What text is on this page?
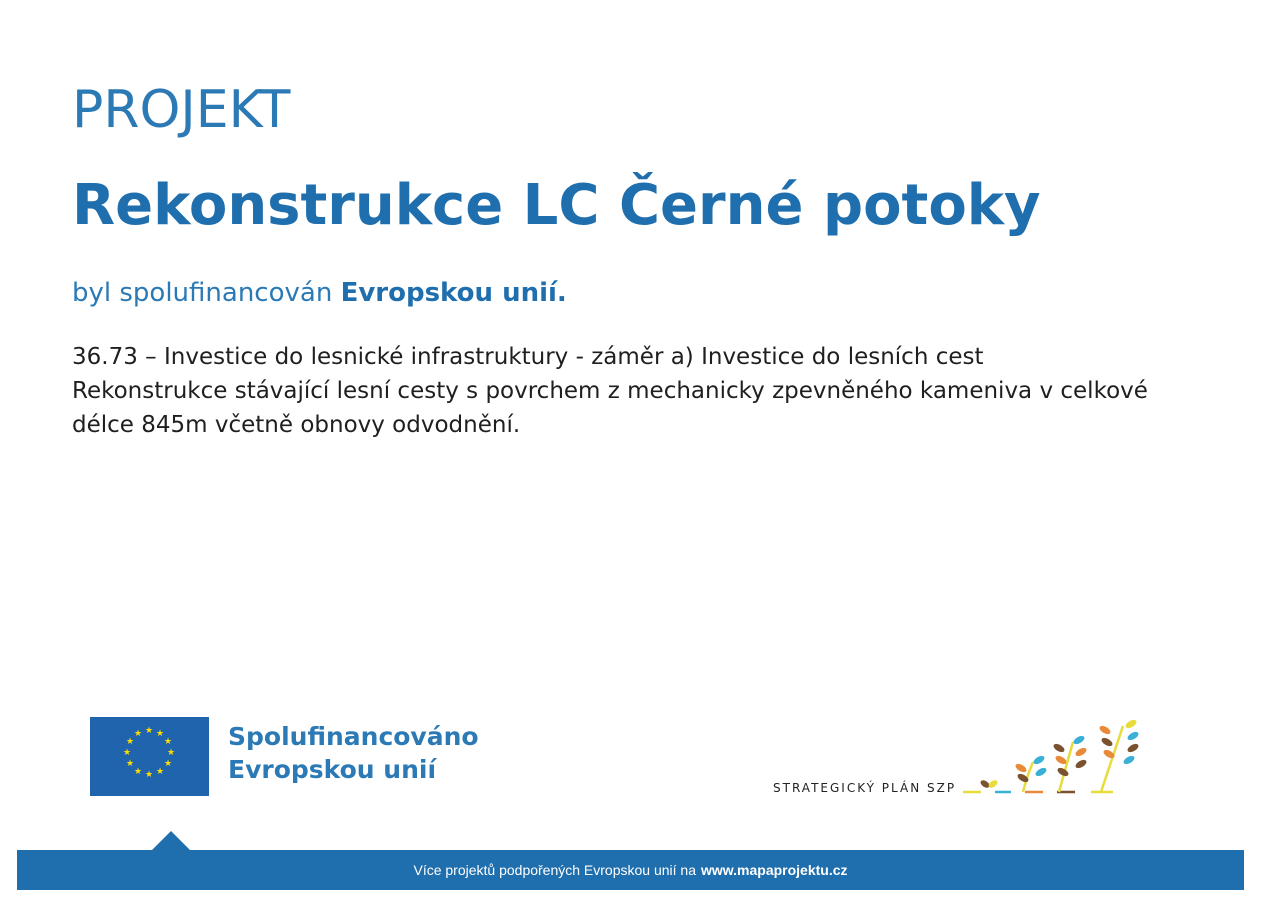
PROJEKT
Rekonstrukce LC Černé potoky
byl spolufinancován Evropskou unií.
36.73 – Investice do lesnické infrastruktury - záměr a) Investice do lesních cest
Rekonstrukce stávající lesní cesty s povrchem z mechanicky zpevněného kameniva v celkové
délce 845m včetně obnovy odvodnění.
★ ★
★
★
★
★
★
★
★
★
★
★	Spolufinancováno
Evropskou unií
STRATEGICKÝ PLÁN SZP
Více projektů podpořených Evropskou unií na www.mapaprojektu.cz
